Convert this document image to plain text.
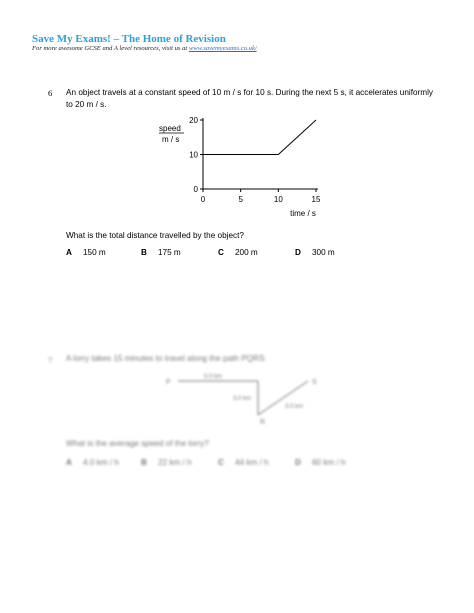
Save My Exams! – The Home of Revision
For more awesome GCSE and A level resources, visit us at www.savemyexams.co.uk/
6 An object travels at a constant speed of 10 m / s for 10 s. During the next 5 s, it accelerates uniformly to 20 m / s.
0	5	10	15
0
10
20
speed
m / s
time / s
What is the total distance travelled by the object?
A 150 m	B 175 m	C 200 m	D 300 m
7 A lorry takes 15 minutes to travel along the path PQRS.
P
R
S
5.0 km
3.0 km
3.0 km
What is the average speed of the lorry?
A 4.0 km / h	B 22 km / h	C 44 km / h	D 60 km / h
